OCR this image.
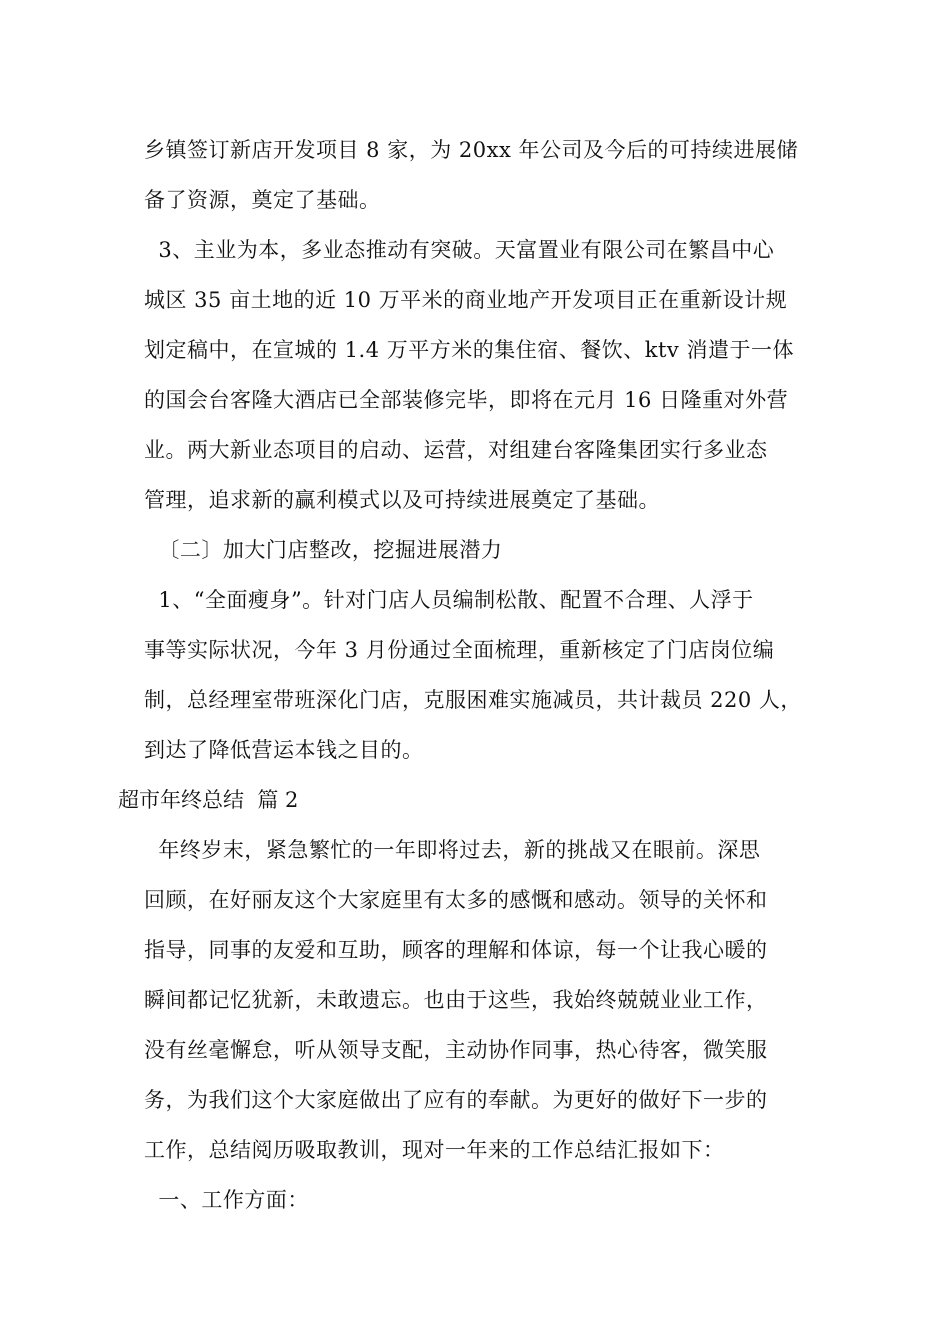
乡镇签订新店开发项目 8 家，为 20xx 年公司及今后的可持续进展储
备了资源，奠定了基础。
3、主业为本，多业态推动有突破。天富置业有限公司在繁昌中心
城区 35 亩土地的近 10 万平米的商业地产开发项目正在重新设计规
划定稿中，在宣城的 1.4 万平方米的集住宿、餐饮、ktv 消遣于一体
的国会台客隆大酒店已全部装修完毕，即将在元月 16 日隆重对外营
业。两大新业态项目的启动、运营，对组建台客隆集团实行多业态
管理，追求新的赢利模式以及可持续进展奠定了基础。
〔二〕加大门店整改，挖掘进展潜力
1、“全面瘦身”。针对门店人员编制松散、配置不合理、人浮于
事等实际状况，今年 3 月份通过全面梳理，重新核定了门店岗位编
制，总经理室带班深化门店，克服困难实施减员，共计裁员 220 人，
到达了降低营运本钱之目的。
超市年终总结  篇 2
年终岁末，紧急繁忙的一年即将过去，新的挑战又在眼前。深思
回顾，在好丽友这个大家庭里有太多的感慨和感动。领导的关怀和
指导，同事的友爱和互助，顾客的理解和体谅，每一个让我心暖的
瞬间都记忆犹新，未敢遗忘。也由于这些，我始终兢兢业业工作，
没有丝毫懈怠，听从领导支配，主动协作同事，热心待客，微笑服
务，为我们这个大家庭做出了应有的奉献。为更好的做好下一步的
工作，总结阅历吸取教训，现对一年来的工作总结汇报如下：
一、工作方面：
